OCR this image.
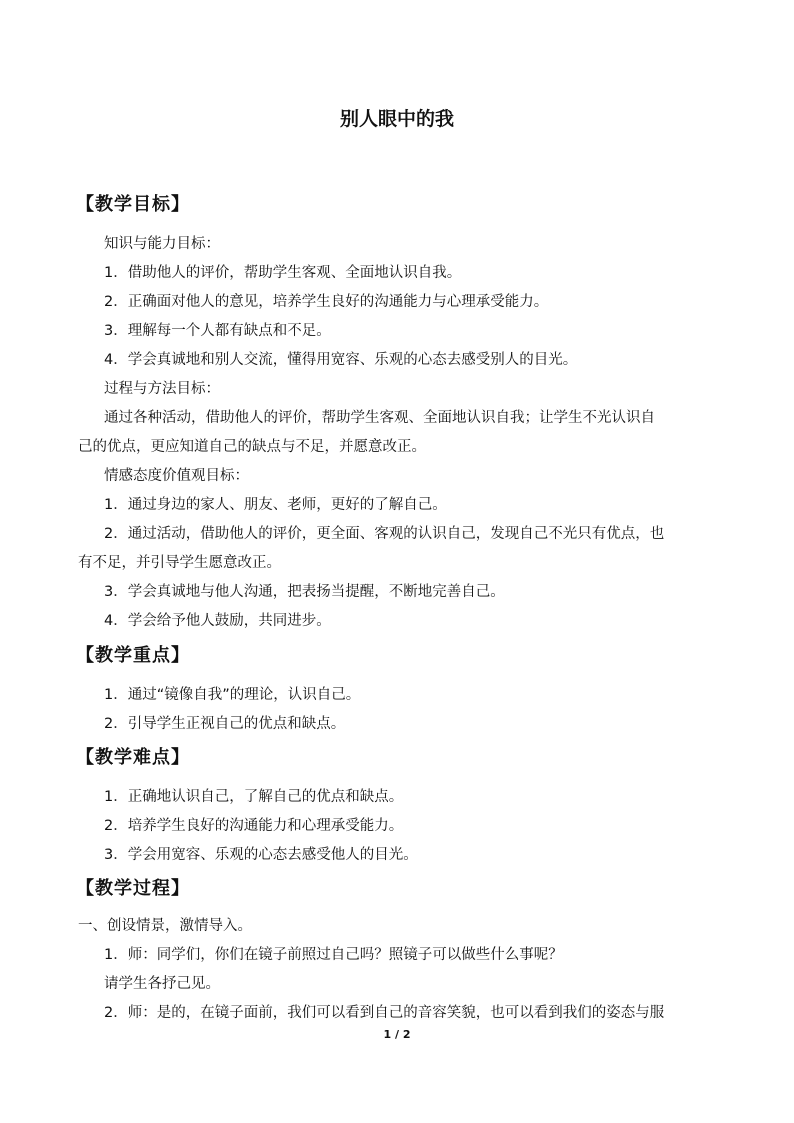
别人眼中的我
【教学目标】
知识与能力目标：
1．借助他人的评价，帮助学生客观、全面地认识自我。
2．正确面对他人的意见，培养学生良好的沟通能力与心理承受能力。
3．理解每一个人都有缺点和不足。
4．学会真诚地和别人交流，懂得用宽容、乐观的心态去感受别人的目光。
过程与方法目标：
通过各种活动，借助他人的评价，帮助学生客观、全面地认识自我；让学生不光认识自
己的优点，更应知道自己的缺点与不足，并愿意改正。
情感态度价值观目标：
1．通过身边的家人、朋友、老师，更好的了解自己。
2．通过活动，借助他人的评价，更全面、客观的认识自己，发现自己不光只有优点，也
有不足，并引导学生愿意改正。
3．学会真诚地与他人沟通，把表扬当提醒，不断地完善自己。
4．学会给予他人鼓励，共同进步。
【教学重点】
1．通过“镜像自我”的理论，认识自己。
2．引导学生正视自己的优点和缺点。
【教学难点】
1．正确地认识自己，了解自己的优点和缺点。
2．培养学生良好的沟通能力和心理承受能力。
3．学会用宽容、乐观的心态去感受他人的目光。
【教学过程】
一、创设情景，激情导入。
1．师：同学们，你们在镜子前照过自己吗？照镜子可以做些什么事呢？
请学生各抒己见。
2．师：是的，在镜子面前，我们可以看到自己的音容笑貌，也可以看到我们的姿态与服
1 / 2
